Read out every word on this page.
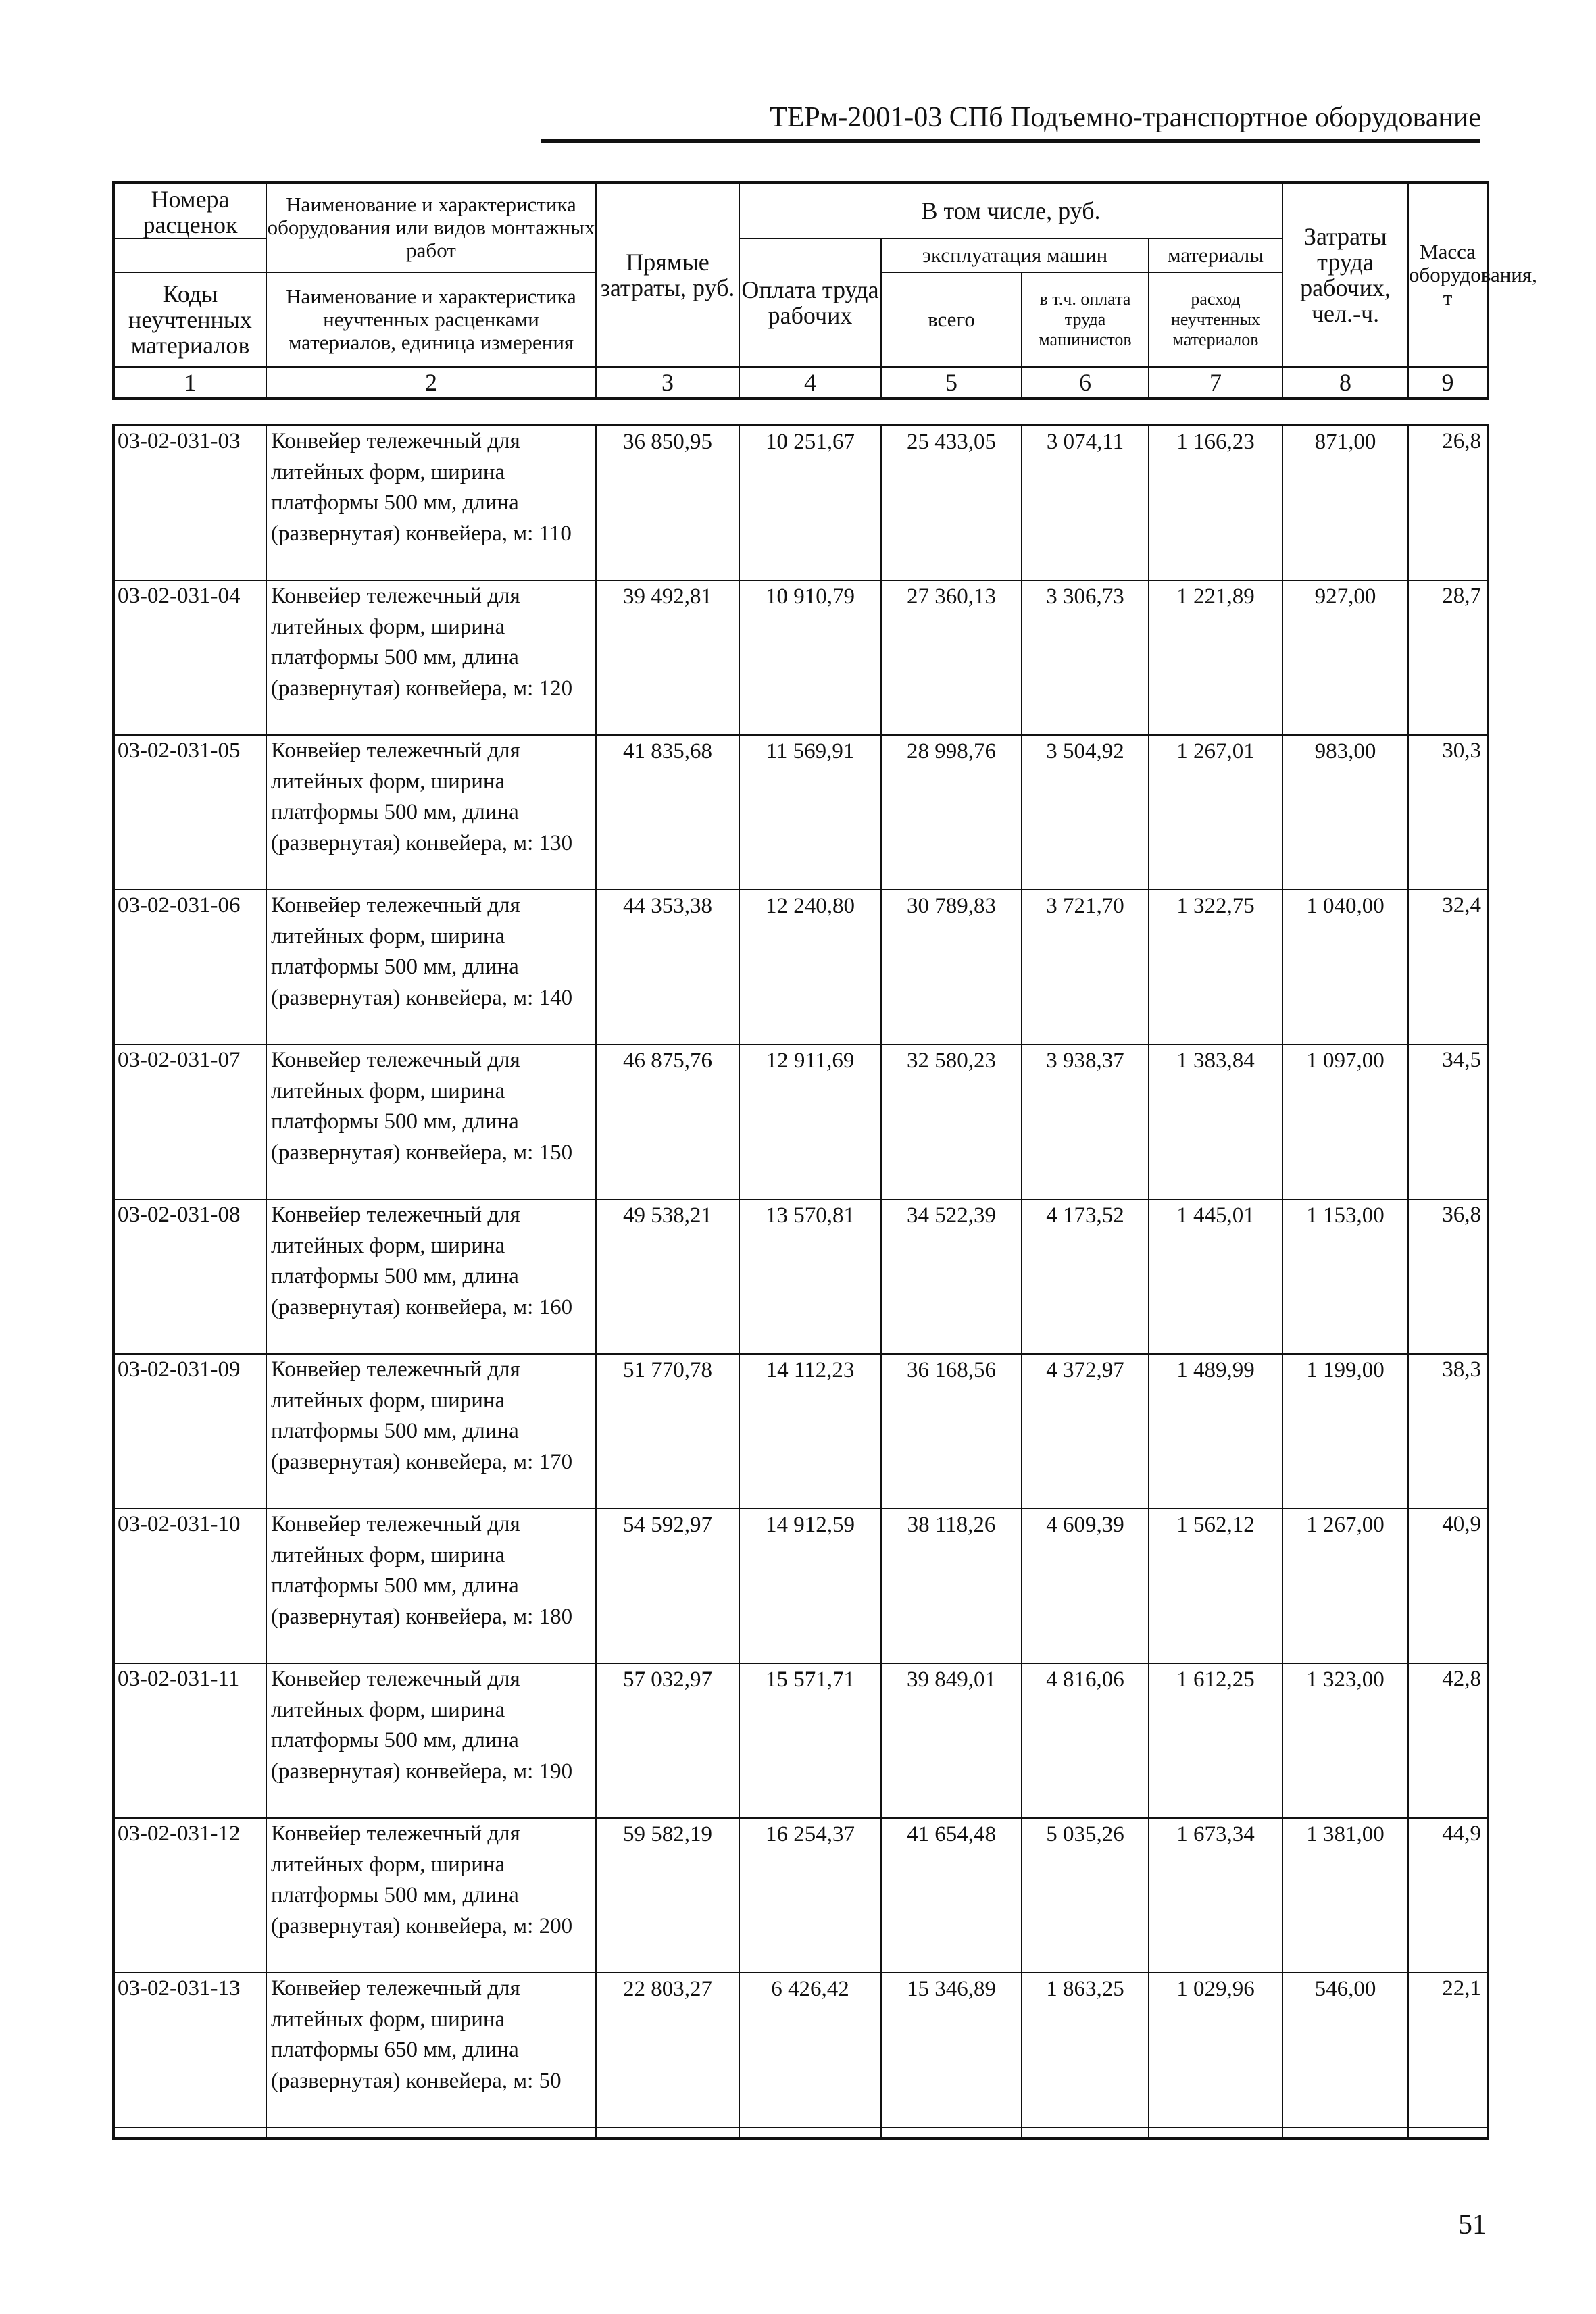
ТЕРм-2001-03 СПб Подъемно-транспортное оборудование
Номера расценок	Наименование и характеристика оборудования или видов монтажных работ	Прямые затраты, руб.	В том числе, руб.				Затраты труда рабочих, чел.-ч.	Масса оборудования, т
			Оплата труда рабочих	эксплуатация машин		материалы		
Коды неучтенных материалов	Наименование и характеристика неучтенных расценками материалов, единица измерения			всего	в т.ч. оплата труда машинистов	расход неучтенных материалов		

1	2	3	4	5	6	7	8	9
03-02-031-03	Конвейер тележечный для литейных форм, ширина платформы 500 мм, длина (развернутая) конвейера, м: 110	36 850,95	10 251,67	25 433,05	3 074,11	1 166,23	871,00	26,8
03-02-031-04	Конвейер тележечный для литейных форм, ширина платформы 500 мм, длина (развернутая) конвейера, м: 120	39 492,81	10 910,79	27 360,13	3 306,73	1 221,89	927,00	28,7
03-02-031-05	Конвейер тележечный для литейных форм, ширина платформы 500 мм, длина (развернутая) конвейера, м: 130	41 835,68	11 569,91	28 998,76	3 504,92	1 267,01	983,00	30,3
03-02-031-06	Конвейер тележечный для литейных форм, ширина платформы 500 мм, длина (развернутая) конвейера, м: 140	44 353,38	12 240,80	30 789,83	3 721,70	1 322,75	1 040,00	32,4
03-02-031-07	Конвейер тележечный для литейных форм, ширина платформы 500 мм, длина (развернутая) конвейера, м: 150	46 875,76	12 911,69	32 580,23	3 938,37	1 383,84	1 097,00	34,5
03-02-031-08	Конвейер тележечный для литейных форм, ширина платформы 500 мм, длина (развернутая) конвейера, м: 160	49 538,21	13 570,81	34 522,39	4 173,52	1 445,01	1 153,00	36,8
03-02-031-09	Конвейер тележечный для литейных форм, ширина платформы 500 мм, длина (развернутая) конвейера, м: 170	51 770,78	14 112,23	36 168,56	4 372,97	1 489,99	1 199,00	38,3
03-02-031-10	Конвейер тележечный для литейных форм, ширина платформы 500 мм, длина (развернутая) конвейера, м: 180	54 592,97	14 912,59	38 118,26	4 609,39	1 562,12	1 267,00	40,9
03-02-031-11	Конвейер тележечный для литейных форм, ширина платформы 500 мм, длина (развернутая) конвейера, м: 190	57 032,97	15 571,71	39 849,01	4 816,06	1 612,25	1 323,00	42,8
03-02-031-12	Конвейер тележечный для литейных форм, ширина платформы 500 мм, длина (развернутая) конвейера, м: 200	59 582,19	16 254,37	41 654,48	5 035,26	1 673,34	1 381,00	44,9
03-02-031-13	Конвейер тележечный для литейных форм, ширина платформы 650 мм, длина (развернутая) конвейера, м: 50	22 803,27	6 426,42	15 346,89	1 863,25	1 029,96	546,00	22,1

51
